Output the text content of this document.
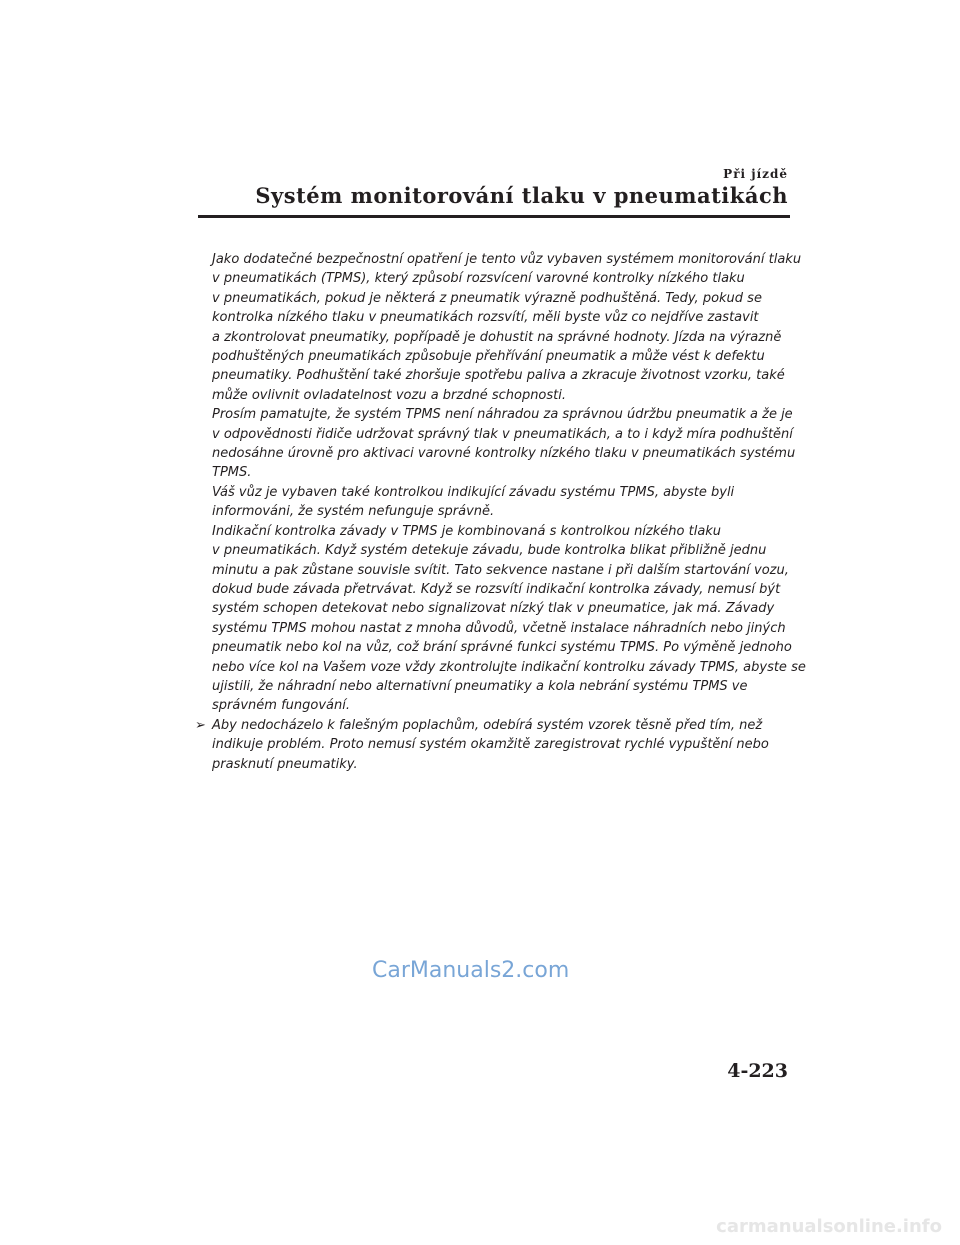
Při jízdě
Systém monitorování tlaku v pneumatikách
Jako dodatečné bezpečnostní opatření je tento vůz vybaven systémem monitorování tlaku
v pneumatikách (TPMS), který způsobí rozsvícení varovné kontrolky nízkého tlaku
v pneumatikách, pokud je některá z pneumatik výrazně podhuštěná. Tedy, pokud se
kontrolka nízkého tlaku v pneumatikách rozsvítí, měli byste vůz co nejdříve zastavit
a zkontrolovat pneumatiky, popřípadě je dohustit na správné hodnoty. Jízda na výrazně
podhuštěných pneumatikách způsobuje přehřívání pneumatik a může vést k defektu
pneumatiky. Podhuštění také zhoršuje spotřebu paliva a zkracuje životnost vzorku, také
může ovlivnit ovladatelnost vozu a brzdné schopnosti.
Prosím pamatujte, že systém TPMS není náhradou za správnou údržbu pneumatik a že je
v odpovědnosti řidiče udržovat správný tlak v pneumatikách, a to i když míra podhuštění
nedosáhne úrovně pro aktivaci varovné kontrolky nízkého tlaku v pneumatikách systému
TPMS.
Váš vůz je vybaven také kontrolkou indikující závadu systému TPMS, abyste byli
informováni, že systém nefunguje správně.
Indikační kontrolka závady v TPMS je kombinovaná s kontrolkou nízkého tlaku
v pneumatikách. Když systém detekuje závadu, bude kontrolka blikat přibližně jednu
minutu a pak zůstane souvisle svítit. Tato sekvence nastane i při dalším startování vozu,
dokud bude závada přetrvávat. Když se rozsvítí indikační kontrolka závady, nemusí být
systém schopen detekovat nebo signalizovat nízký tlak v pneumatice, jak má. Závady
systému TPMS mohou nastat z mnoha důvodů, včetně instalace náhradních nebo jiných
pneumatik nebo kol na vůz, což brání správné funkci systému TPMS. Po výměně jednoho
nebo více kol na Vašem voze vždy zkontrolujte indikační kontrolku závady TPMS, abyste se
ujistili, že náhradní nebo alternativní pneumatiky a kola nebrání systému TPMS ve
správném fungování.
➢ Aby nedocházelo k falešným poplachům, odebírá systém vzorek těsně před tím, než
indikuje problém. Proto nemusí systém okamžitě zaregistrovat rychlé vypuštění nebo
prasknutí pneumatiky.
CarManuals2.com
4-223
carmanualsonline.info
